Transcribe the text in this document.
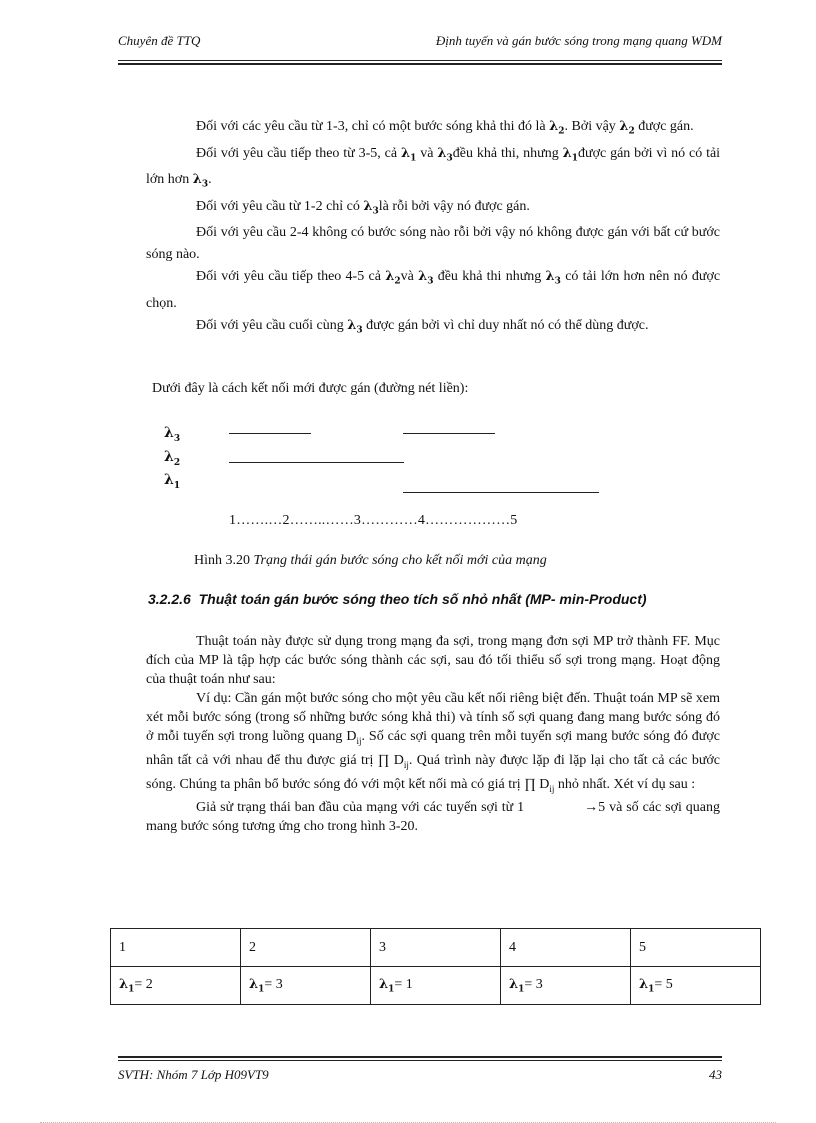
Chuyên đề TTQ	Định tuyến và gán bước sóng trong mạng quang WDM

Đối với các yêu cầu từ 1-3, chỉ có một bước sóng khả thi đó là $\lambda_2$. Bởi vậy $\lambda_2$ được gán.

Đối với yêu cầu tiếp theo từ 3-5, cả $\lambda_1$ và $\lambda_3đều$ khả thi, nhưng $\lambda_1được$ gán bởi vì nó có tải lớn hơn $\lambda_3$.

Đối với yêu cầu từ 1-2 chỉ có $\lambda_3là$ rỗi bởi vậy nó được gán.

Đối với yêu cầu 2-4 không có bước sóng nào rỗi bởi vậy nó không được gán với bất cứ bước sóng nào.

Đối với yêu cầu tiếp theo 4-5 cả $\lambda_2và$ $\lambda_3$ đều khả thi nhưng $\lambda_3$ có tải lớn hơn nên nó được chọn.

Đối với yêu cầu cuối cùng $\lambda_3$ được gán bởi vì chỉ duy nhất nó có thể dùng được.

Dưới đây là cách kết nối mới được gán (đường nét liền):
$\lambda_3$
$\lambda_2$
$\lambda_1$
1…….…2……..……3…………4………………5
Hình 3.20 Trạng thái gán bước sóng cho kết nối mới của mạng
3.2.2.6 Thuật toán gán bước sóng theo tích số nhỏ nhất (MP- min-Product)

Thuật toán này được sử dụng trong mạng đa sợi, trong mạng đơn sợi MP trở thành FF. Mục đích của MP là tập hợp các bước sóng thành các sợi, sau đó tối thiểu số sợi trong mạng. Hoạt động của thuật toán như sau:

Ví dụ: Cần gán một bước sóng cho một yêu cầu kết nối riêng biệt đến. Thuật toán MP sẽ xem xét mỗi bước sóng (trong số những bước sóng khả thi) và tính số sợi quang đang mang bước sóng đó ở mỗi tuyến sợi trong luồng quang $D_{ij}$. Số các sợi quang trên mỗi tuyến sợi mang bước sóng đó được nhân tất cả với nhau để thu được giá trị ∏ $D_{ij}$. Quá trình này được lặp đi lặp lại cho tất cả các bước sóng. Chúng ta phân bổ bước sóng đó với một kết nối mà có giá trị ∏ $D_{ij}$ nhỏ nhất. Xét ví dụ sau :

Giả sử trạng thái ban đầu của mạng với các tuyến sợi từ 1	→5 và số các sợi quang mang bước sóng tương ứng cho trong hình 3-20.

1	2	3	4	5
$\lambda_1= 2$	$\lambda_1= 3$	$\lambda_1= 1$	$\lambda_1= 3$	$\lambda_1= 5$
SVTH: Nhóm 7 Lớp H09VT9	43
